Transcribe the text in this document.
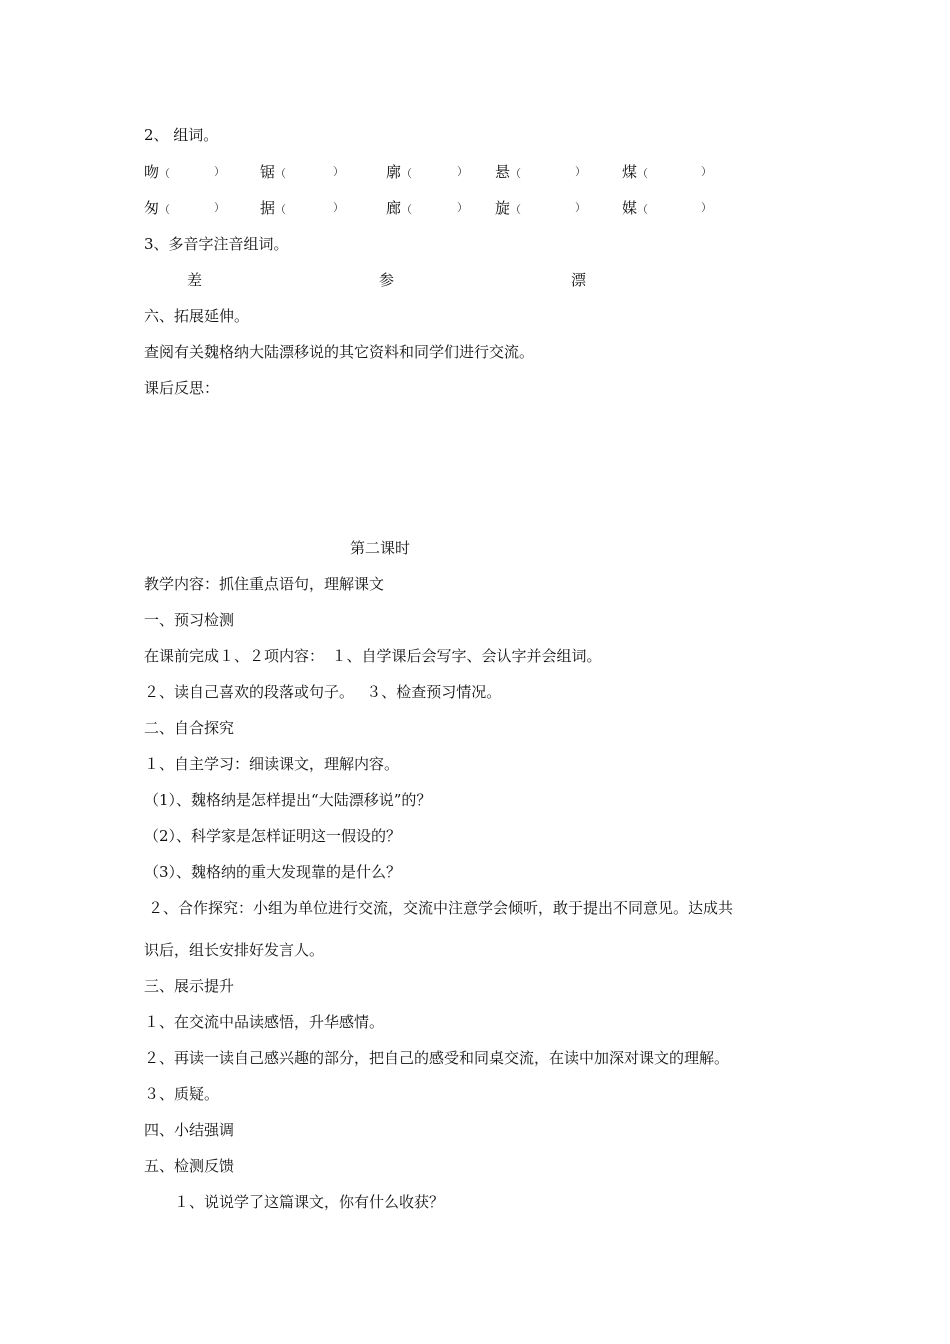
2、 组词。
吻（	） 锯（	）	廓（	） 悬（	） 煤（	）
匆（	） 据（	）	廊（	） 旋（	） 媒（	）
3、多音字注音组词。
差	参	漂
六、拓展延伸。
查阅有关魏格纳大陆漂移说的其它资料和同学们进行交流。
课后反思：
第二课时
教学内容：抓住重点语句，理解课文
一、预习检测
在课前完成１、２项内容：　１、自学课后会写字、会认字并会组词。
２、读自己喜欢的段落或句子。　 ３、检查预习情况。
二、自合探究
１、自主学习：细读课文，理解内容。
（1）、魏格纳是怎样提出“大陆漂移说”的？
（2）、科学家是怎样证明这一假设的？
（3）、魏格纳的重大发现靠的是什么？
２、合作探究：小组为单位进行交流，交流中注意学会倾听，敢于提出不同意见。达成共
识后，组长安排好发言人。
三、展示提升
１、在交流中品读感悟，升华感情。
２、再读一读自己感兴趣的部分，把自己的感受和同桌交流，在读中加深对课文的理解。
３、质疑。
四、小结强调
五、检测反馈
１、说说学了这篇课文，你有什么收获？
